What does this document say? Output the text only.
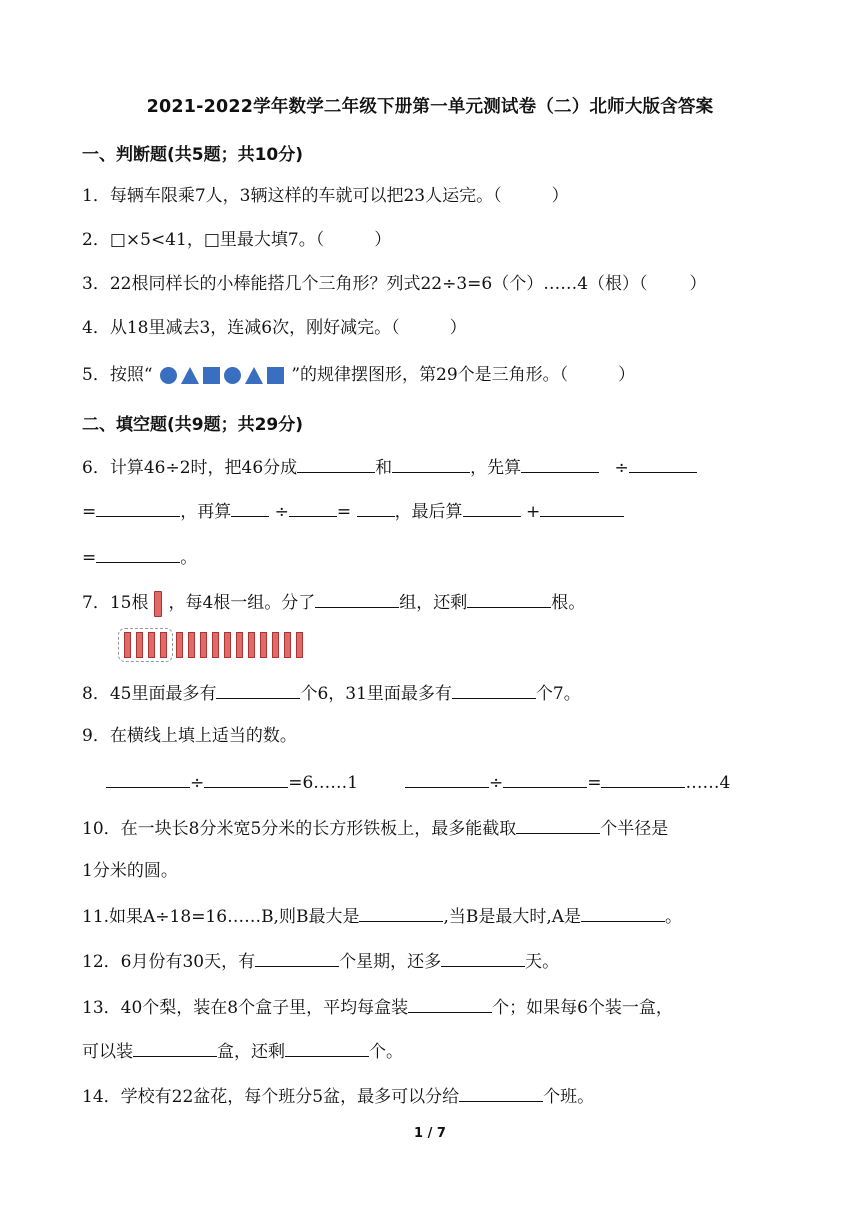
2021-2022学年数学二年级下册第一单元测试卷（二）北师大版含答案
一、判断题(共5题；共10分)
1．每辆车限乘7人，3辆这样的车就可以把23人运完。（	）
2．□×5<41，□里最大填7。（	）
3．22根同样长的小棒能搭几个三角形？列式22÷3=6（个）……4（根）（ ）
4．从18里减去3，连减6次，刚好减完。（	）
5．按照“	”的规律摆图形，第29个是三角形。（	）
二、填空题(共9题；共29分)
6．计算46÷2时，把46分成	和	，先算	÷
=	，再算	÷	=	，最后算	+
=	。
7．15根 ，每4根一组。分了	组，还剩	根。
8．45里面最多有	个6，31里面最多有	个7。
9．在横线上填上适当的数。
÷	=6……1	÷	=	……4
10．在一块长8分米宽5分米的长方形铁板上，最多能截取	个半径是
1分米的圆。
11.如果A÷18=16……B,则B最大是	,当B是最大时,A是	。
12．6月份有30天，有	个星期，还多	天。
13．40个梨，装在8个盒子里，平均每盒装	个；如果每6个装一盒，
可以装	盒，还剩	个。
14．学校有22盆花，每个班分5盆，最多可以分给	个班。
1 / 7
